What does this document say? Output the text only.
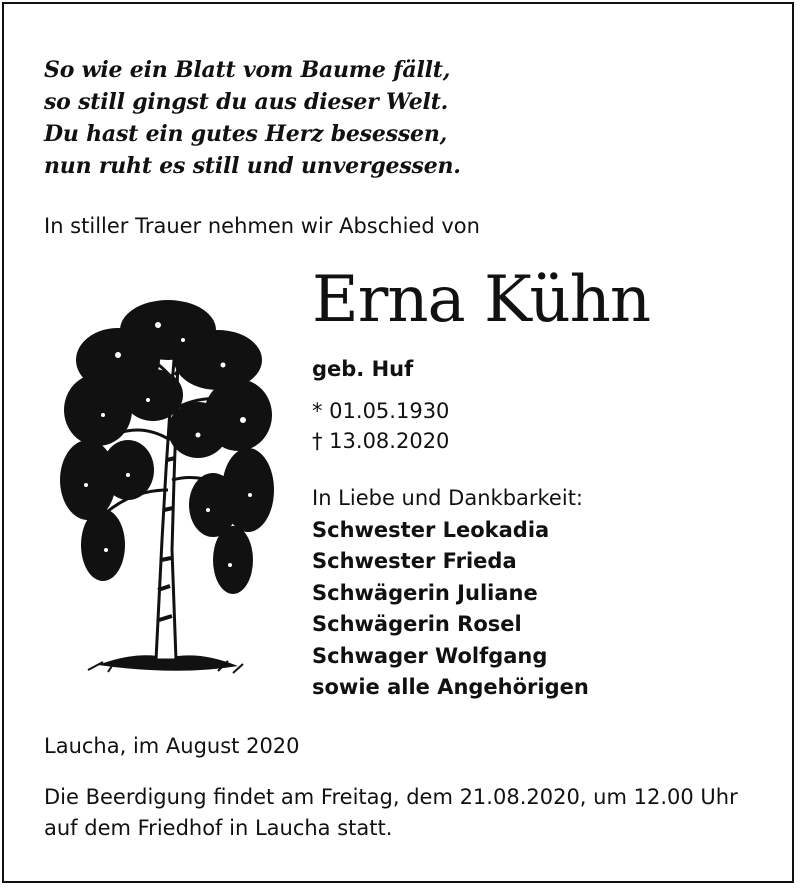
So wie ein Blatt vom Baume fällt,
so still gingst du aus dieser Welt.
Du hast ein gutes Herz besessen,
nun ruht es still und unvergessen.
In stiller Trauer nehmen wir Abschied von
Erna Kühn
geb. Huf
* 01.05.1930
† 13.08.2020
In Liebe und Dankbarkeit:
Schwester Leokadia
Schwester Frieda
Schwägerin Juliane
Schwägerin Rosel
Schwager Wolfgang
sowie alle Angehörigen
Laucha, im August 2020
Die Beerdigung findet am Freitag, dem 21.08.2020, um 12.00 Uhr auf dem Friedhof in Laucha statt.
